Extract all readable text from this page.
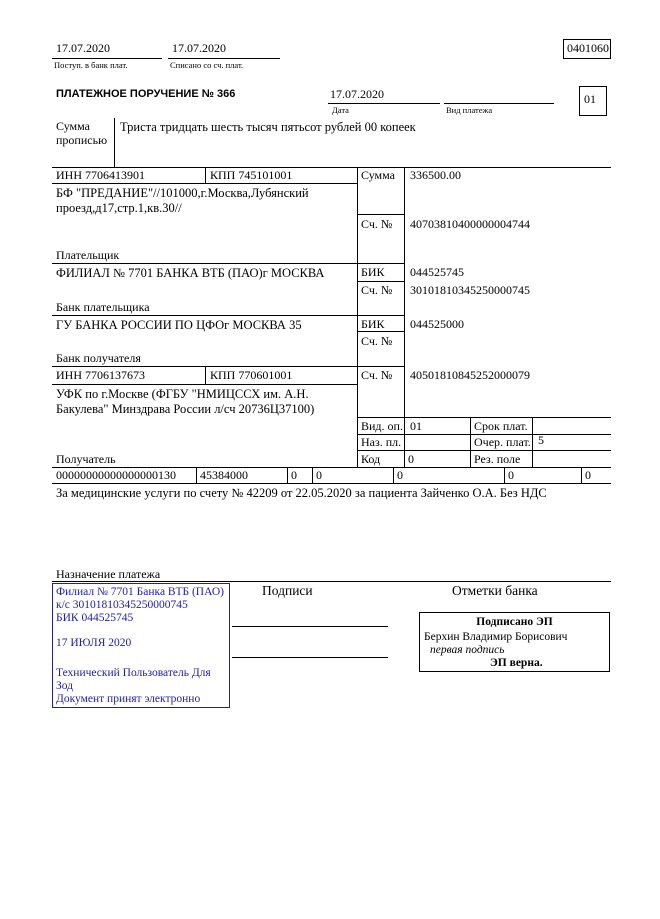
17.07.2020
Поступ. в банк плат.
17.07.2020
Списано со сч. плат.
0401060
ПЛАТЕЖНОЕ ПОРУЧЕНИЕ № 366	17.07.2020
Дата	Вид платежа
01
Сумма
прописью
Триста тридцать шесть тысяч пятьсот рублей 00 копеек
ИНН 7706413901	КПП 745101001	Сумма 336500.00
БФ "ПРЕДАНИЕ"//101000,г.Москва,Лубянский
проезд,д17,стр.1,кв.30//
Сч. № 40703810400000004744
Плательщик
ФИЛИАЛ № 7701 БАНКА ВТБ (ПАО)г МОСКВА	БИК 044525745
Сч. № 30101810345250000745
Банк плательщика
ГУ БАНКА РОССИИ ПО ЦФОг МОСКВА 35	БИК 044525000
Сч. №
Банк получателя
ИНН 7706137673	КПП 770601001	Сч. № 40501810845252000079
УФК по г.Москве (ФГБУ "НМИЦССХ им. А.Н.
Бакулева" Минздрава России л/сч 20736Ц37100)
Получатель
Вид. оп. 01	Срок плат.
Наз. пл.	Очер. плат. 5
Код 0	Рез. поле
00000000000000000130 45384000	0 0	0	0	0
За медицинские услуги по счету № 42209 от 22.05.2020 за пациента Зайченко О.А. Без НДС
Назначение платежа
Подписи	Отметки банка
Филиал № 7701 Банка ВТБ (ПАО)
к/с 30101810345250000745
БИК 044525745
17 ИЮЛЯ 2020
Технический Пользователь Для
Зод
Документ принят электронно
Подписано ЭП
Берхин Владимир Борисович
первая подпись
ЭП верна.
